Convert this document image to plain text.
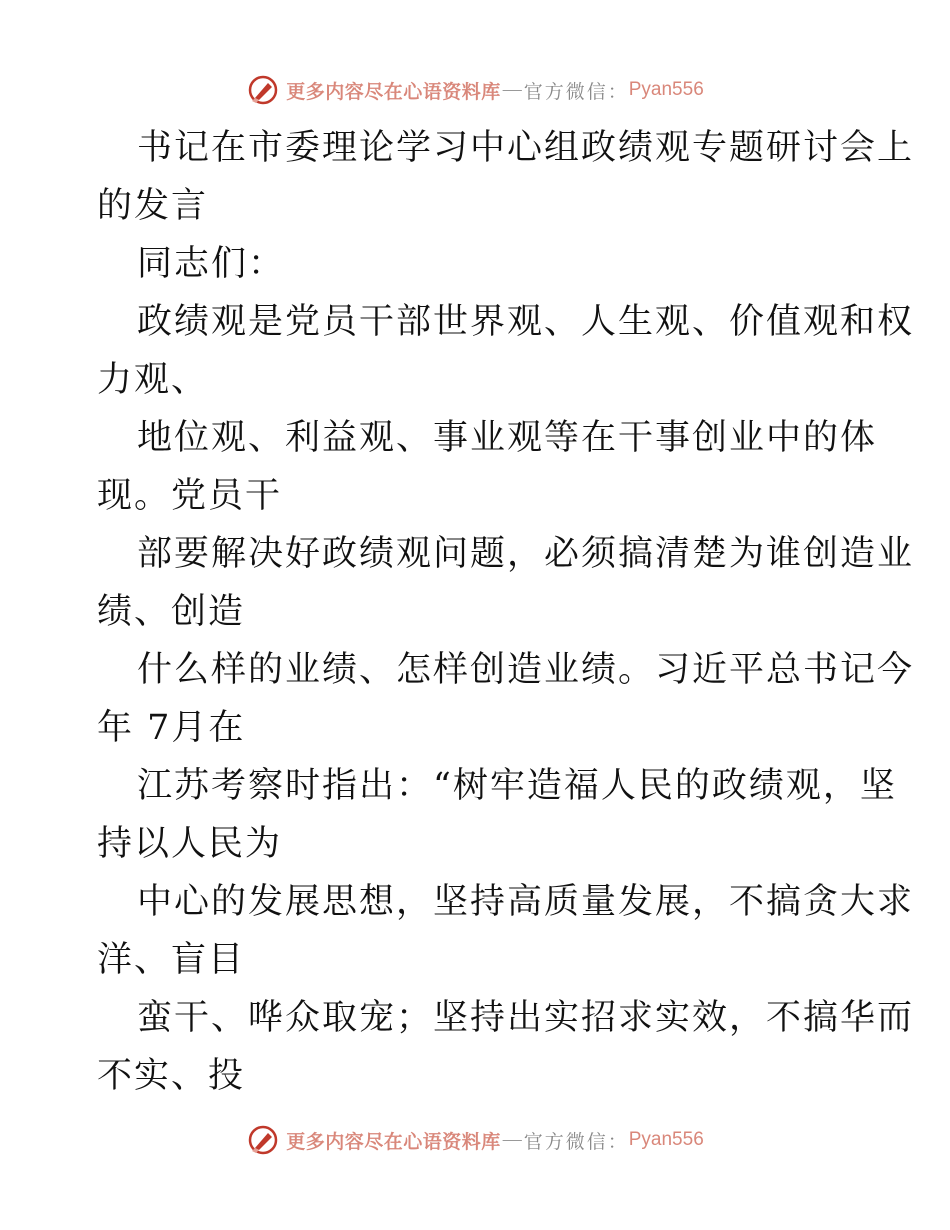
更多内容尽在心语资料库 — 官方微信： Pyan556
书记在市委理论学习中心组政绩观专题研讨会上
的发言
同志们：
政绩观是党员干部世界观、人生观、价值观和权
力观、
地位观、利益观、事业观等在干事创业中的体
现。党员干
部要解决好政绩观问题，必须搞清楚为谁创造业
绩、创造
什么样的业绩、怎样创造业绩。习近平总书记今
年 7月在
江苏考察时指出：“树牢造福人民的政绩观，坚
持以人民为
中心的发展思想，坚持高质量发展，不搞贪大求
洋、盲目
蛮干、哗众取宠；坚持出实招求实效，不搞华而
不实、投
更多内容尽在心语资料库 — 官方微信： Pyan556
